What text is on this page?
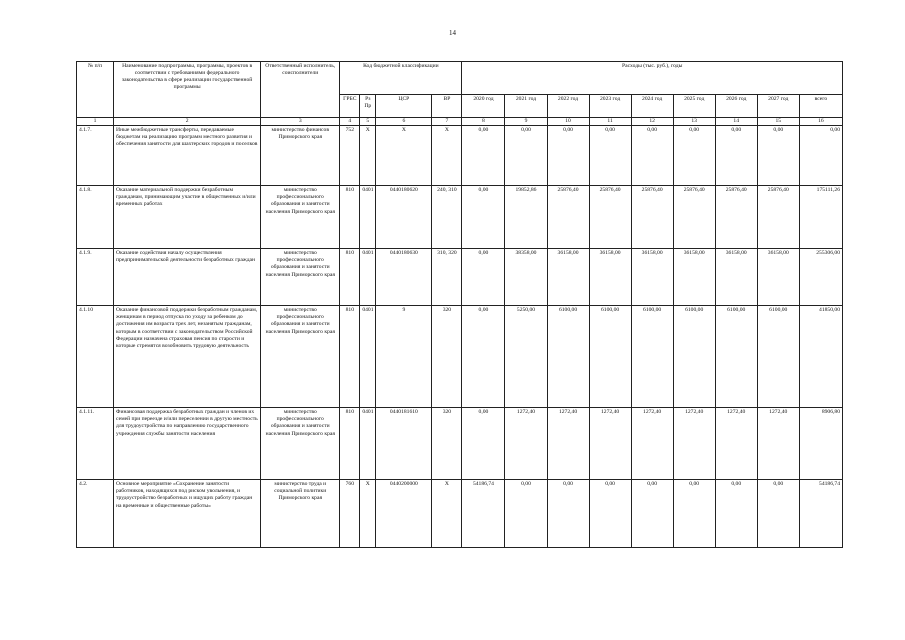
14
№ п/п	Наименование подпрограммы, программы, проектов в соответствии с требованиями федерального законодательства в сфере реализации государственной программы	Ответственный исполнитель, соисполнители	Код бюджетной классификации				Расходы (тыс. руб.), годы								
			ГРБС	Рз Пр	ЦСР	ВР	2020 год	2021 год	2022 год	2023 год	2024 год	2025 год	2026 год	2027 год	всего
1	2	3	4	5	6	7	8	9	10	11	12	13	14	15	16
4.1.7.	Иные межбюджетные трансферты, передаваемые бюджетам на реализацию программ местного развития и обеспечения занятости для шахтерских городов и поселков	министерство финансов Приморского края	752	X	X	X	0,00	0,00	0,00	0,00	0,00	0,00	0,00	0,00	0,00
4.1.8.	Оказание материальной поддержки безработным гражданам, принимающим участие в общественных и/или временных работах	министерство профессионального образования и занятости населения Приморского края	810	0401	0440180620	240, 310	0,00	19852,86	25876,40	25876,40	25876,40	25876,40	25876,40	25876,40	175111,26
4.1.9.	Оказание содействия началу осуществления предпринимательской деятельности безработных граждан	министерство профессионального образования и занятости населения Приморского края	810	0401	0440180630	310, 320	0,00	38358,00	36158,00	36158,00	36158,00	36158,00	36158,00	36158,00	255306,00
4.1.10	Оказание финансовой поддержки безработным гражданам, женщинам в период отпуска по уходу за ребенком до достижения им возраста трех лет, незанятым гражданам, которым в соответствии с законодательством Российской Федерации назначена страховая пенсия по старости и которые стремятся возобновить трудовую деятельность	министерство профессионального образования и занятости населения Приморского края	810	0401	9	320	0,00	5250,00	6100,00	6100,00	6100,00	6100,00	6100,00	6100,00	41850,00
4.1.11.	Финансовая поддержка безработных граждан и членов их семей при переезде и/или переселении в другую местность для трудоустройства по направлению государственного учреждения службы занятости населения	министерство профессионального образования и занятости населения Приморского края	810	0401	0440181610	320	0,00	1272,40	1272,40	1272,40	1272,40	1272,40	1272,40	1272,40	8906,80
4.2.	Основное мероприятие «Сохранение занятости работников, находящихся под риском увольнения, и трудоустройство безработных и ищущих работу граждан на временные и общественные работы»	министерство труда и социальной политики Приморского края	760	X	0440200000	X	54186,74	0,00	0,00	0,00	0,00	0,00	0,00	0,00	54186,74
